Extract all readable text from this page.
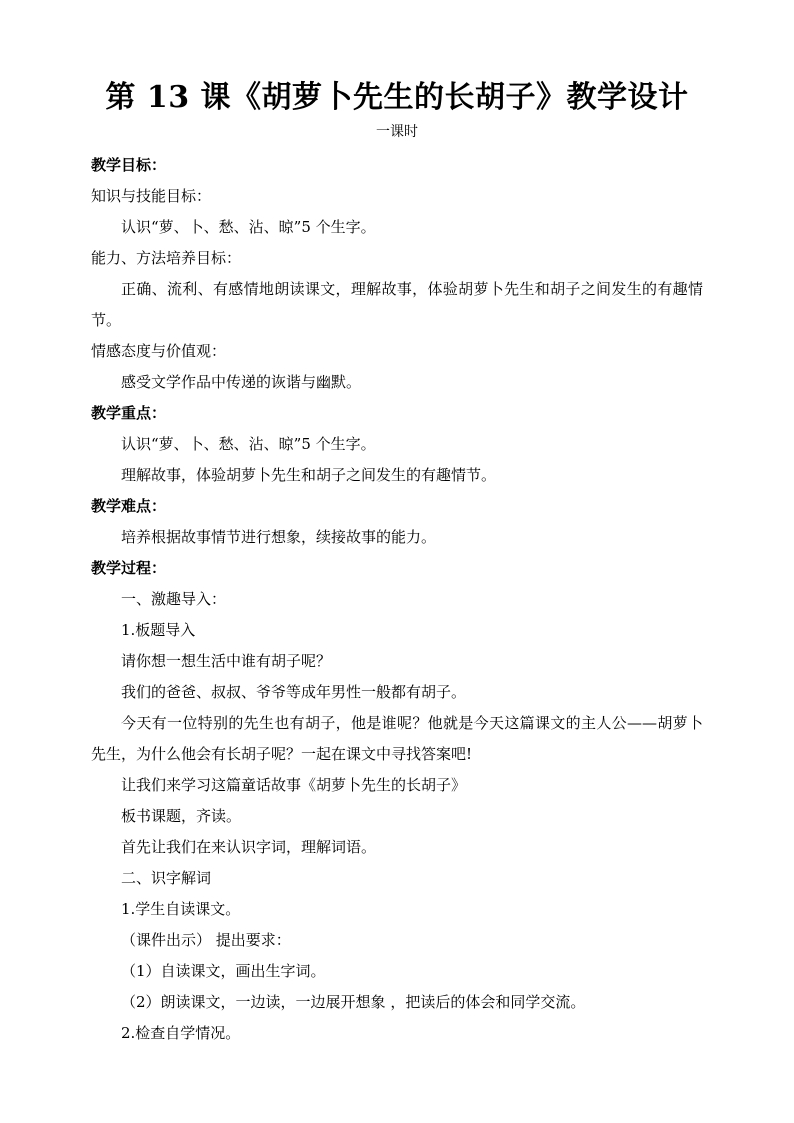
第 13 课《胡萝卜先生的长胡子》教学设计
一课时
教学目标：
知识与技能目标：
认识“萝、卜、愁、沾、晾”5 个生字。
能力、方法培养目标：
正确、流利、有感情地朗读课文，理解故事，体验胡萝卜先生和胡子之间发生的有趣情节。
情感态度与价值观：
感受文学作品中传递的诙谐与幽默。
教学重点：
认识“萝、卜、愁、沾、晾”5 个生字。
理解故事，体验胡萝卜先生和胡子之间发生的有趣情节。
教学难点：
培养根据故事情节进行想象，续接故事的能力。
教学过程：
一、激趣导入：
1.板题导入
请你想一想生活中谁有胡子呢？
我们的爸爸、叔叔、爷爷等成年男性一般都有胡子。
今天有一位特别的先生也有胡子，他是谁呢？他就是今天这篇课文的主人公——胡萝卜先生，为什么他会有长胡子呢？一起在课文中寻找答案吧!
让我们来学习这篇童话故事《胡萝卜先生的长胡子》
板书课题，齐读。
首先让我们在来认识字词，理解词语。
二、识字解词
1.学生自读课文。
（课件出示） 提出要求：
（1）自读课文，画出生字词。
（2）朗读课文，一边读，一边展开想象 ，把读后的体会和同学交流。
2.检查自学情况。
